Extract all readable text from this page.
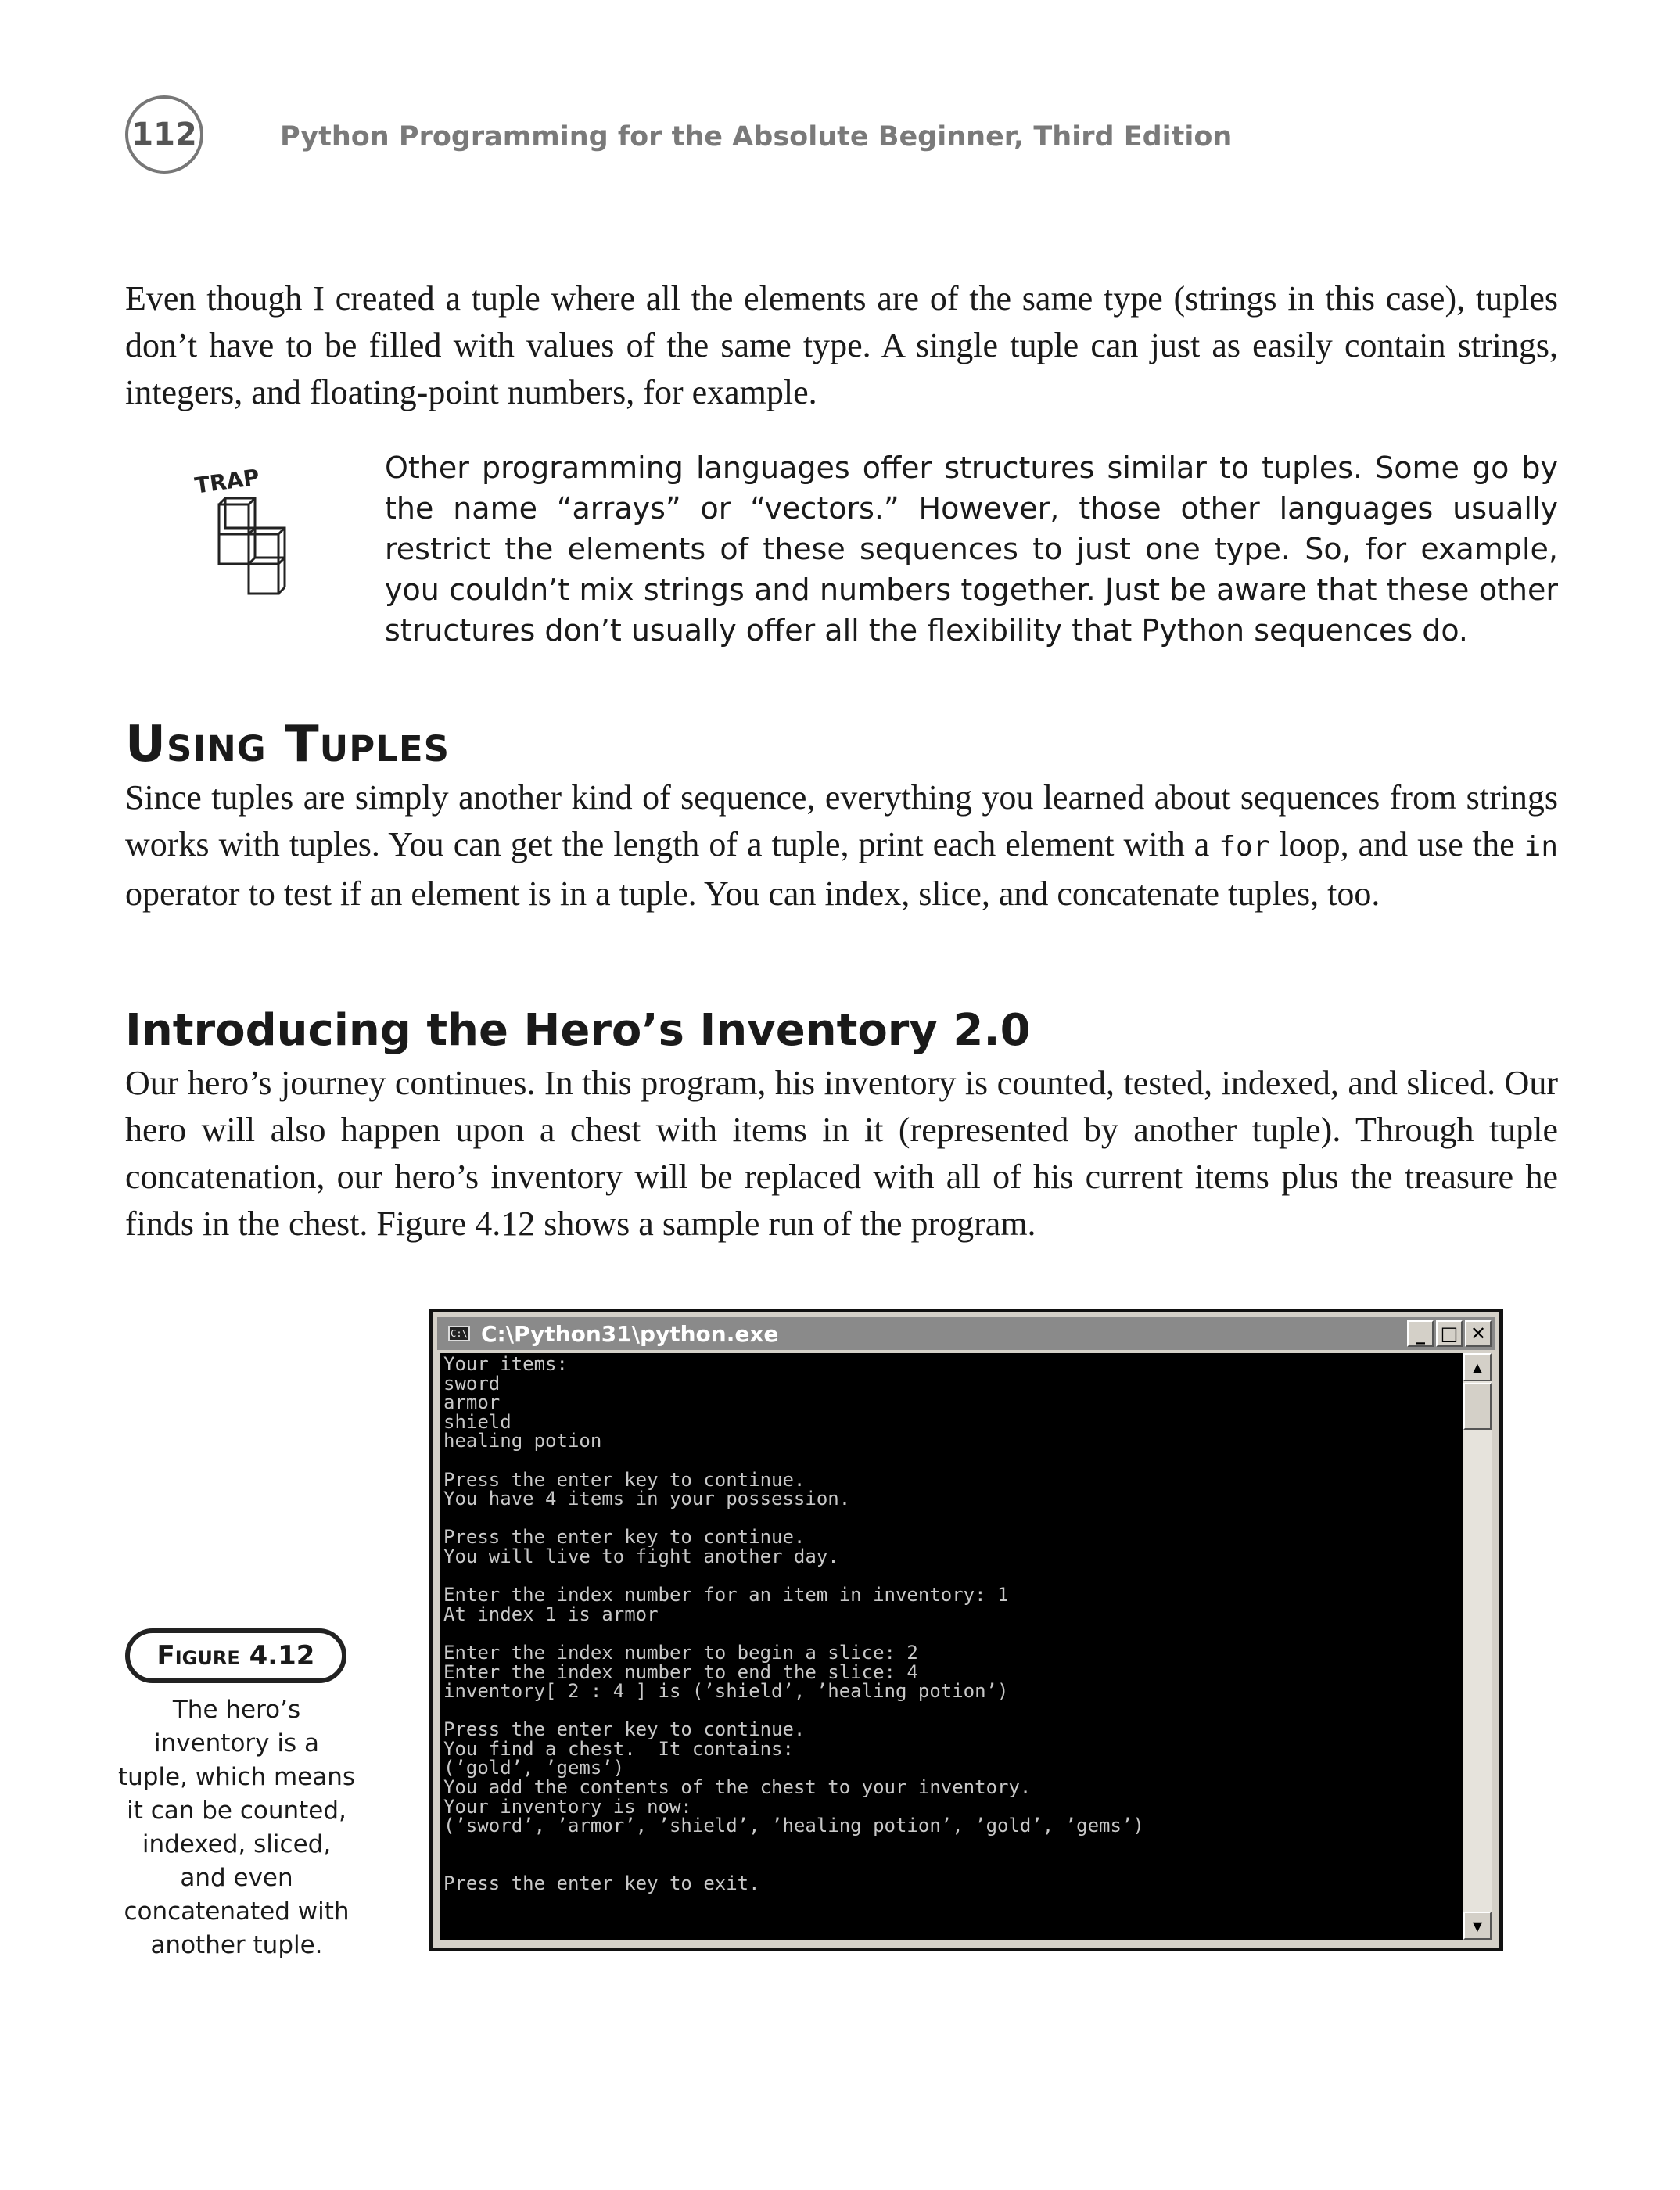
112	Python Programming for the Absolute Beginner, Third Edition

Even though I created a tuple where all the elements are of the same type (strings in this case), tuples don’t have to be filled with values of the same type. A single tuple can just as easily contain strings, integers, and floating-point numbers, for example.

TRAP	Other programming languages offer structures similar to tuples. Some go by the name “arrays” or “vectors.” However, those other languages usually restrict the elements of these sequences to just one type. So, for example, you couldn’t mix strings and numbers together. Just be aware that these other structures don’t usually offer all the flexibility that Python sequences do.

Using Tuples

Since tuples are simply another kind of sequence, everything you learned about sequences from strings works with tuples. You can get the length of a tuple, print each element with a for loop, and use the in operator to test if an element is in a tuple. You can index, slice, and concatenate tuples, too.

Introducing the Hero’s Inventory 2.0

Our hero’s journey continues. In this program, his inventory is counted, tested, indexed, and sliced. Our hero will also happen upon a chest with items in it (represented by another tuple). Through tuple concatenation, our hero’s inventory will be replaced with all of his current items plus the treasure he finds in the chest. Figure 4.12 shows a sample run of the program.

Figure 4.12

The hero’s inventory is a tuple, which means it can be counted, indexed, sliced, and even concatenated with another tuple.

C:\ C:\Python31\python.exe	_ □ ✕
Your items:
sword
armor
shield
healing potion

Press the enter key to continue.
You have 4 items in your possession.

Press the enter key to continue.
You will live to fight another day.

Enter the index number for an item in inventory: 1
At index 1 is armor

Enter the index number to begin a slice: 2
Enter the index number to end the slice: 4
inventory[ 2 : 4 ] is (’shield’, ’healing potion’)

Press the enter key to continue.
You find a chest.  It contains:
(’gold’, ’gems’)
You add the contents of the chest to your inventory.
Your inventory is now:
(’sword’, ’armor’, ’shield’, ’healing potion’, ’gold’, ’gems’)

Press the enter key to exit.
▲
▼
